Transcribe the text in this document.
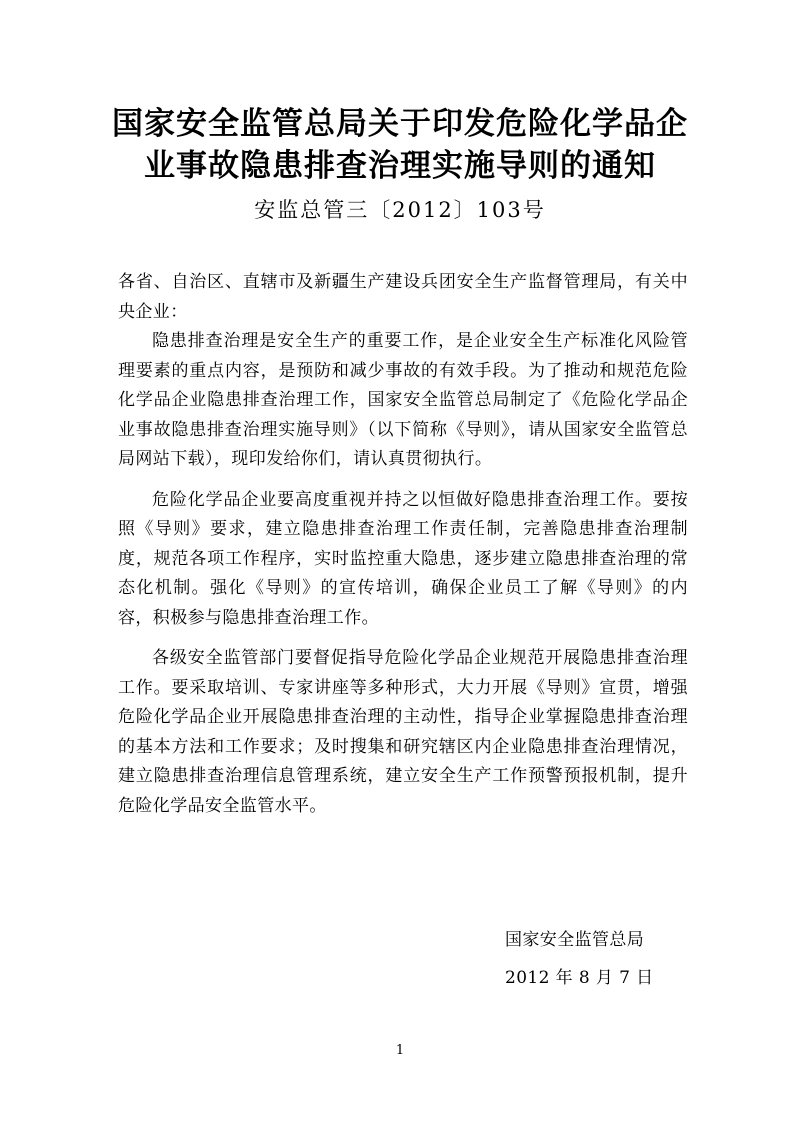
国家安全监管总局关于印发危险化学品企
业事故隐患排查治理实施导则的通知
安监总管三〔2012〕103号

各省、自治区、直辖市及新疆生产建设兵团安全生产监督管理局，有关中央企业：

隐患排查治理是安全生产的重要工作，是企业安全生产标准化风险管理要素的重点内容，是预防和减少事故的有效手段。为了推动和规范危险化学品企业隐患排查治理工作，国家安全监管总局制定了《危险化学品企业事故隐患排查治理实施导则》（以下简称《导则》，请从国家安全监管总局网站下载），现印发给你们，请认真贯彻执行。

危险化学品企业要高度重视并持之以恒做好隐患排查治理工作。要按照《导则》要求，建立隐患排查治理工作责任制，完善隐患排查治理制度，规范各项工作程序，实时监控重大隐患，逐步建立隐患排查治理的常态化机制。强化《导则》的宣传培训，确保企业员工了解《导则》的内容，积极参与隐患排查治理工作。

各级安全监管部门要督促指导危险化学品企业规范开展隐患排查治理工作。要采取培训、专家讲座等多种形式，大力开展《导则》宣贯，增强危险化学品企业开展隐患排查治理的主动性，指导企业掌握隐患排查治理的基本方法和工作要求；及时搜集和研究辖区内企业隐患排查治理情况，建立隐患排查治理信息管理系统，建立安全生产工作预警预报机制，提升危险化学品安全监管水平。

国家安全监管总局
2012 年 8 月 7 日
1
